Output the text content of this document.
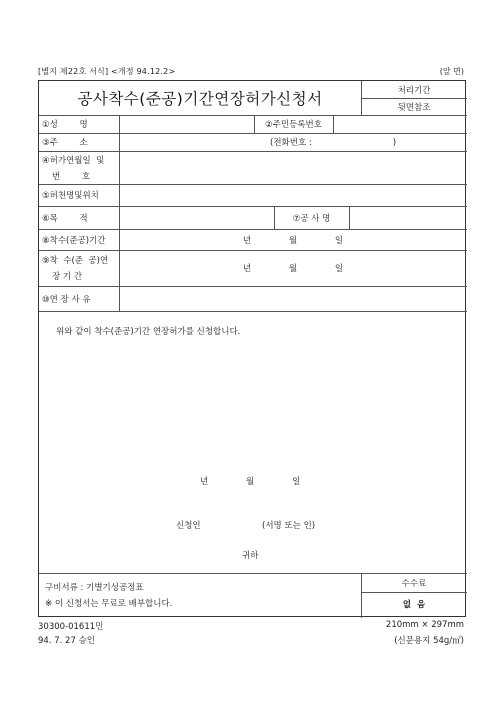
[별지 제22호 서식] <개정 94.12.2>	(앞 면)
공사착수(준공)기간연장허가신청서	처리기간
뒷면참조
①성        명	②주민등록번호
③주        소	(전화번호 :                              )
④허가연월일  및
번        호
⑤허천명및위치
⑥목        적	⑦공 사 명
⑧착수(준공)기간	년              월              일
⑨착  수(준  공)연
장 기 간
년              월              일
⑩연 장 사 유
위와 같이 착수(준공)기간 연장허가를 신청합니다.
년              월              일
신청인	(서명 또는 인)
귀하
구비서류 : 기별기성공정표
※ 이 신청서는 무료로 배부합니다.
수수료
없  음
30300-01611민
94. 7. 27 승인
210mm × 297mm
(신문용지 54g/㎡)
